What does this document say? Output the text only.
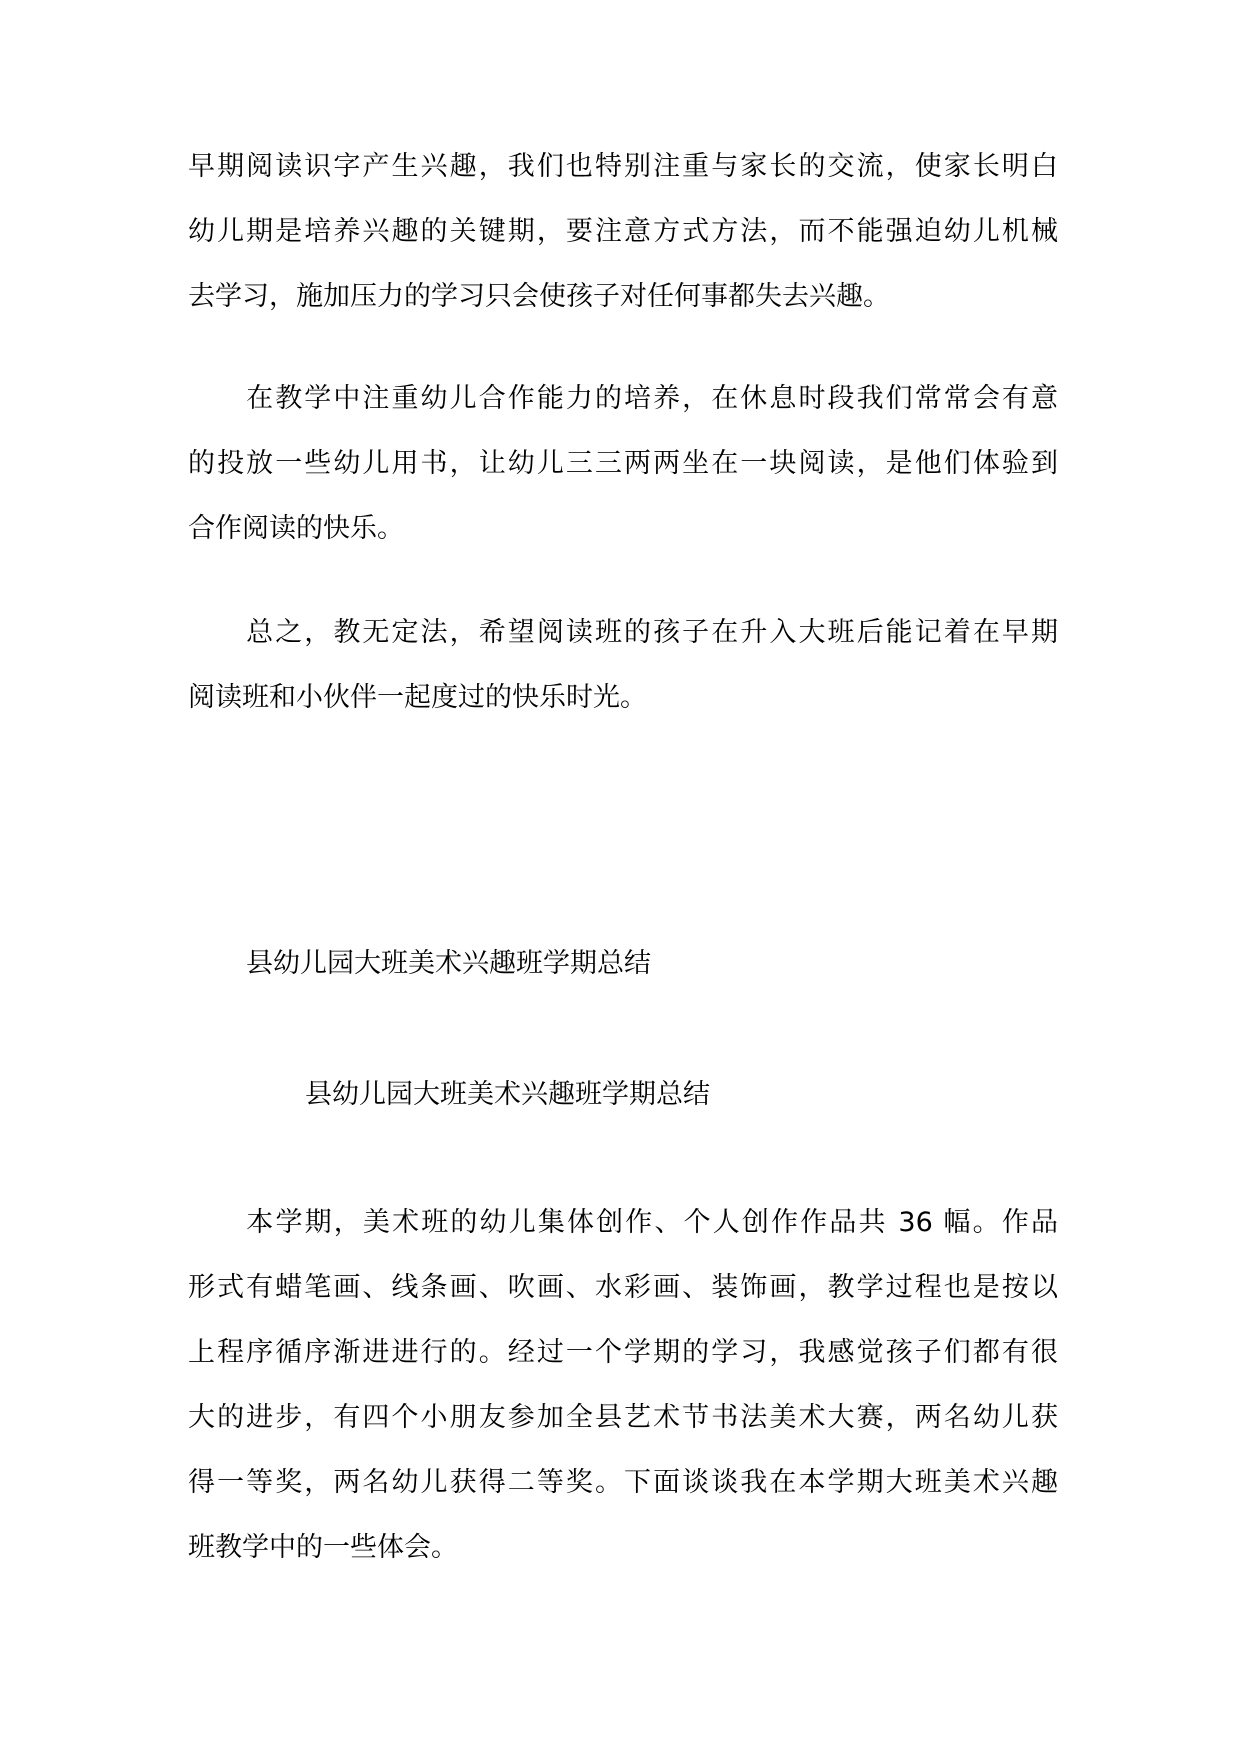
早期阅读识字产生兴趣，我们也特别注重与家长的交流，使家长明白
幼儿期是培养兴趣的关键期，要注意方式方法，而不能强迫幼儿机械
去学习，施加压力的学习只会使孩子对任何事都失去兴趣。
　　在教学中注重幼儿合作能力的培养，在休息时段我们常常会有意
的投放一些幼儿用书，让幼儿三三两两坐在一块阅读，是他们体验到
合作阅读的快乐。
　　总之，教无定法，希望阅读班的孩子在升入大班后能记着在早期
阅读班和小伙伴一起度过的快乐时光。
县幼儿园大班美术兴趣班学期总结
县幼儿园大班美术兴趣班学期总结
　　本学期，美术班的幼儿集体创作、个人创作作品共 36 幅。作品
形式有蜡笔画、线条画、吹画、水彩画、装饰画，教学过程也是按以
上程序循序渐进进行的。经过一个学期的学习，我感觉孩子们都有很
大的进步，有四个小朋友参加全县艺术节书法美术大赛，两名幼儿获
得一等奖，两名幼儿获得二等奖。下面谈谈我在本学期大班美术兴趣
班教学中的一些体会。
